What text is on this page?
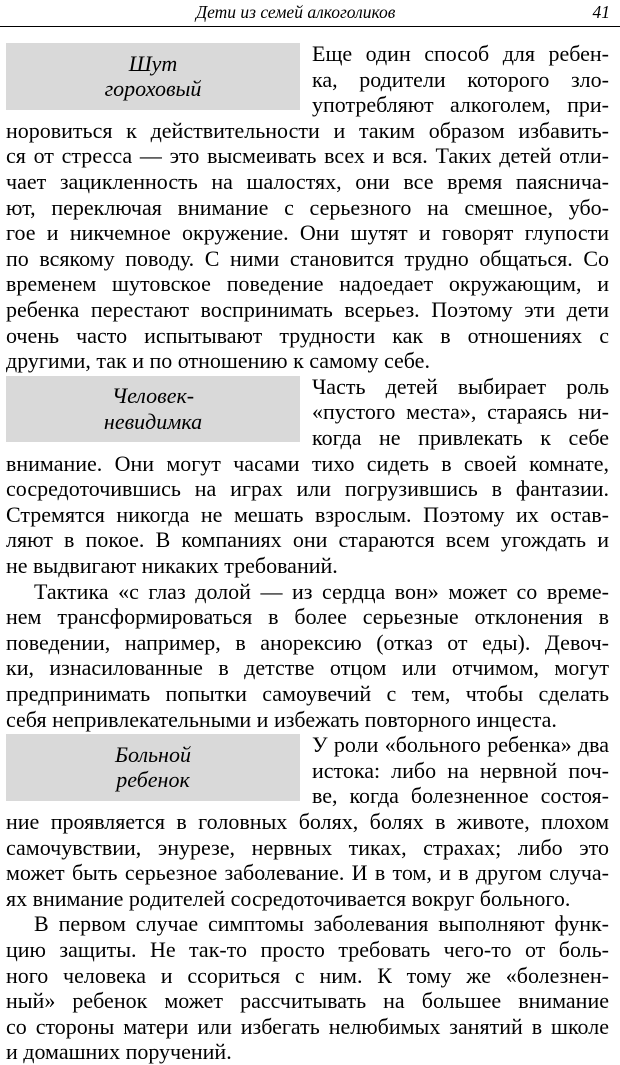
Дети из семей алкоголиков	41
Шут
гороховый
Человек-
невидимка
Больной
ребенок
Еще один способ для ребен-
ка, родители которого зло-
употребляют алкоголем, при-
норовиться к действительности и таким образом избавить-
ся от стресса — это высмеивать всех и вся. Таких детей отли-
чает зацикленность на шалостях, они все время паясничa-
ют, переключая внимание с серьезного на смешное, убо-
гое и никчемное окружение. Они шутят и говорят глупости
по всякому поводу. С ними становится трудно общаться. Со
временем шутовское поведение надоедает окружающим, и
ребенка перестают воспринимать всерьез. Поэтому эти дети
очень часто испытывают трудности как в отношениях с
другими, так и по отношению к самому себе.
Часть детей выбирает роль
«пустого места», стараясь ни-
когда не привлекать к себе
внимание. Они могут часами тихо сидеть в своей комнате,
сосредоточившись на играх или погрузившись в фантазии.
Стремятся никогда не мешать взрослым. Поэтому их остав-
ляют в покое. В компаниях они стараются всем угождать и
не выдвигают никаких требований.
Тактика «с глаз долой — из сердца вон» может со време-
нем трансформироваться в более серьезные отклонения в
поведении, например, в анорексию (отказ от еды). Девоч-
ки, изнасилованные в детстве отцом или отчимом, могут
предпринимать попытки самоувечий с тем, чтобы сделать
себя непривлекательными и избежать повторного инцеста.
У роли «больного ребенка» два
истока: либо на нервной поч-
ве, когда болезненное состоя-
ние проявляется в головных болях, болях в животе, плохом
самочувствии, энурезе, нервных тиках, страхах; либо это
может быть серьезное заболевание. И в том, и в другом случа-
ях внимание родителей сосредоточивается вокруг больного.
В первом случае симптомы заболевания выполняют функ-
цию защиты. Не так-то просто требовать чего-то от боль-
ного человека и ссориться с ним. К тому же «болезнен-
ный» ребенок может рассчитывать на большее внимание
со стороны матери или избегать нелюбимых занятий в школе
и домашних поручений.
